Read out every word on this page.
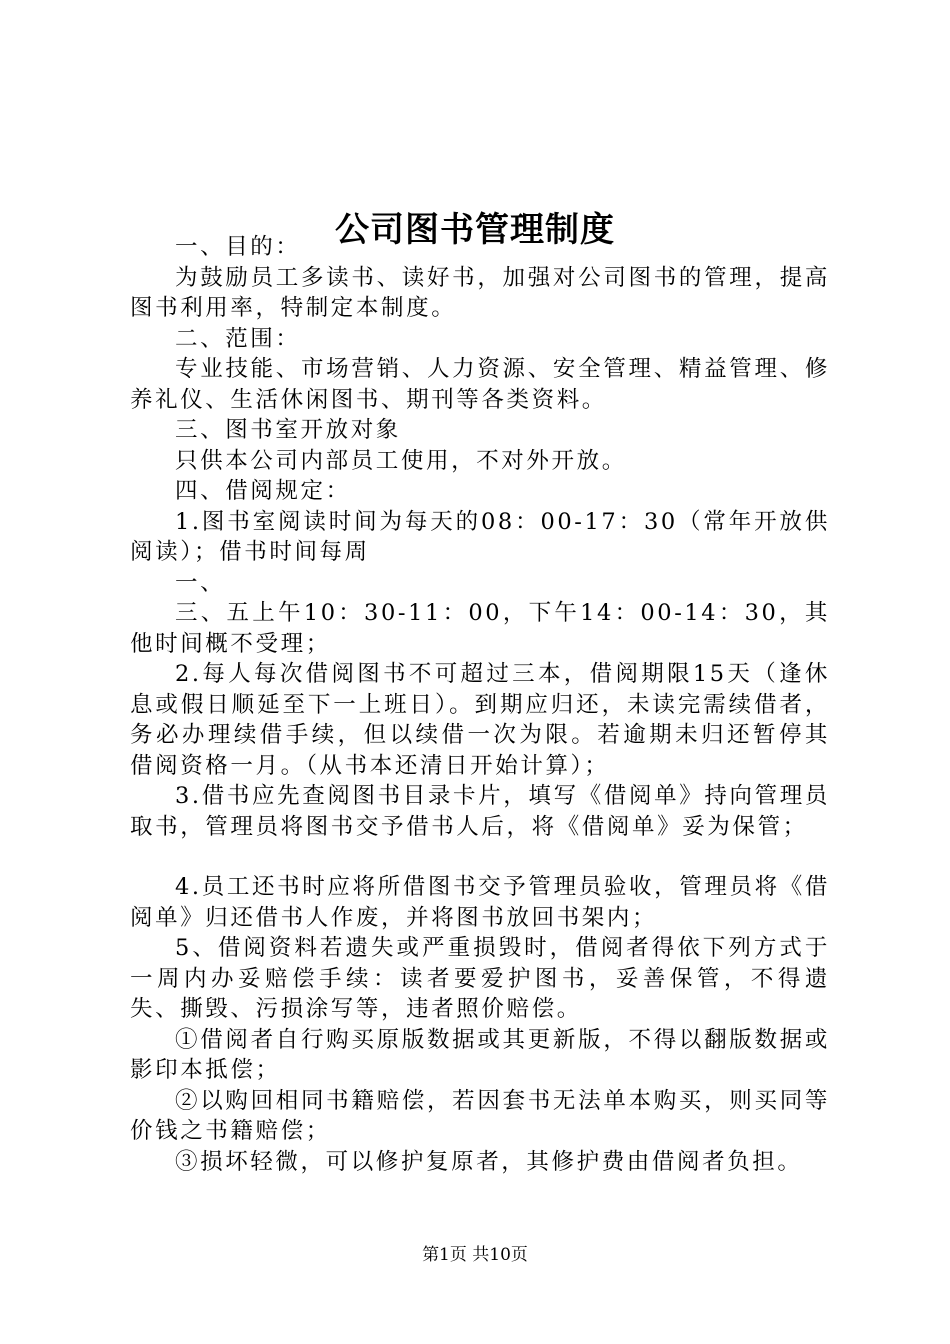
公司图书管理制度

一、目的：

为鼓励员工多读书、读好书，加强对公司图书的管理，提高图书利用率，特制定本制度。

二、范围：

专业技能、市场营销、人力资源、安全管理、精益管理、修养礼仪、生活休闲图书、期刊等各类资料。

三、图书室开放对象

只供本公司内部员工使用，不对外开放。

四、借阅规定：

1.图书室阅读时间为每天的08：00-17：30（常年开放供阅读）；借书时间每周

一、

三、五上午10：30-11：00，下午14：00-14：30，其他时间概不受理；

2.每人每次借阅图书不可超过三本，借阅期限15天（逢休息或假日顺延至下一上班日）。到期应归还，未读完需续借者，务必办理续借手续，但以续借一次为限。若逾期未归还暂停其借阅资格一月。（从书本还清日开始计算）；

3.借书应先查阅图书目录卡片，填写《借阅单》持向管理员取书，管理员将图书交予借书人后，将《借阅单》妥为保管；

4.员工还书时应将所借图书交予管理员验收，管理员将《借阅单》归还借书人作废，并将图书放回书架内；

5、借阅资料若遗失或严重损毁时，借阅者得依下列方式于一周内办妥赔偿手续：读者要爱护图书，妥善保管，不得遗失、撕毁、污损涂写等，违者照价赔偿。

①借阅者自行购买原版数据或其更新版，不得以翻版数据或影印本抵偿；

②以购回相同书籍赔偿，若因套书无法单本购买，则买同等价钱之书籍赔偿；

③损坏轻微，可以修护复原者，其修护费由借阅者负担。

第1页 共10页
